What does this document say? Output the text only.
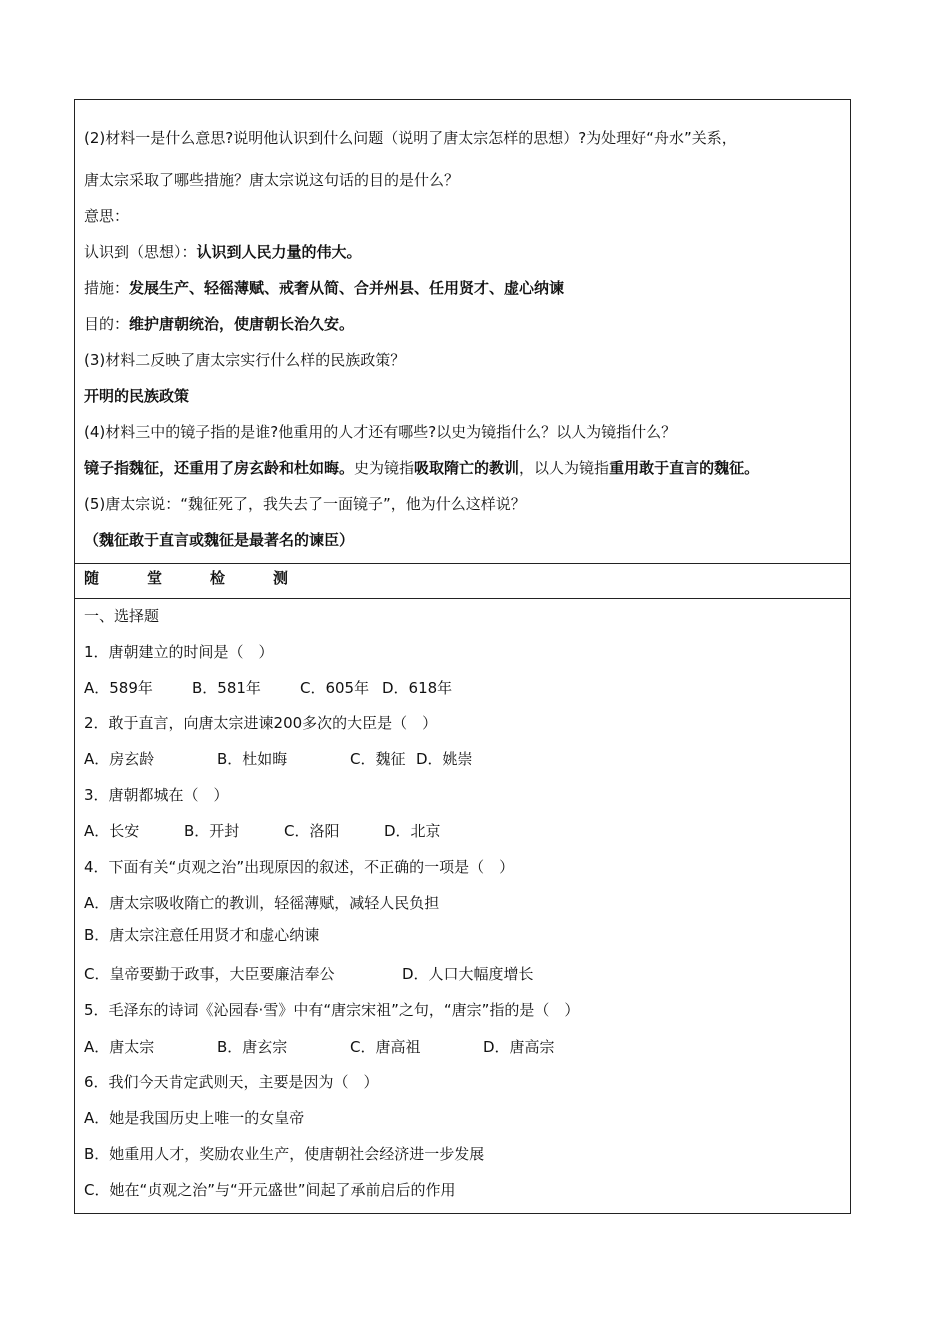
(2)材料一是什么意思?说明他认识到什么问题（说明了唐太宗怎样的思想）?为处理好“舟水”关系，
唐太宗采取了哪些措施？唐太宗说这句话的目的是什么？
意思：
认识到（思想）：认识到人民力量的伟大。
措施：发展生产、轻徭薄赋、戒奢从简、合并州县、任用贤才、虚心纳谏
目的：维护唐朝统治，使唐朝长治久安。
(3)材料二反映了唐太宗实行什么样的民族政策？
开明的民族政策
(4)材料三中的镜子指的是谁?他重用的人才还有哪些?以史为镜指什么？以人为镜指什么？
镜子指魏征，还重用了房玄龄和杜如晦。史为镜指吸取隋亡的教训，以人为镜指重用敢于直言的魏征。
(5)唐太宗说：“魏征死了，我失去了一面镜子”，他为什么这样说？
（魏征敢于直言或魏征是最著名的谏臣）
随	堂	检	测
一、选择题
1．唐朝建立的时间是（　）
A．589年	B．581年	C．605年 D．618年
2．敢于直言，向唐太宗进谏200多次的大臣是（　）
A．房玄龄	B．杜如晦	C．魏征 D．姚崇
3．唐朝都城在（　）
A．长安	B．开封	C．洛阳	D．北京
4．下面有关“贞观之治”出现原因的叙述，不正确的一项是（　）
A．唐太宗吸收隋亡的教训，轻徭薄赋，减轻人民负担
B．唐太宗注意任用贤才和虚心纳谏
C．皇帝要勤于政事，大臣要廉洁奉公	D．人口大幅度增长
5．毛泽东的诗词《沁园春·雪》中有“唐宗宋祖”之句，“唐宗”指的是（　）
A．唐太宗	B．唐玄宗	C．唐高祖	D．唐高宗
6．我们今天肯定武则天，主要是因为（　）
A．她是我国历史上唯一的女皇帝
B．她重用人才，奖励农业生产，使唐朝社会经济进一步发展
C．她在“贞观之治”与“开元盛世”间起了承前启后的作用
